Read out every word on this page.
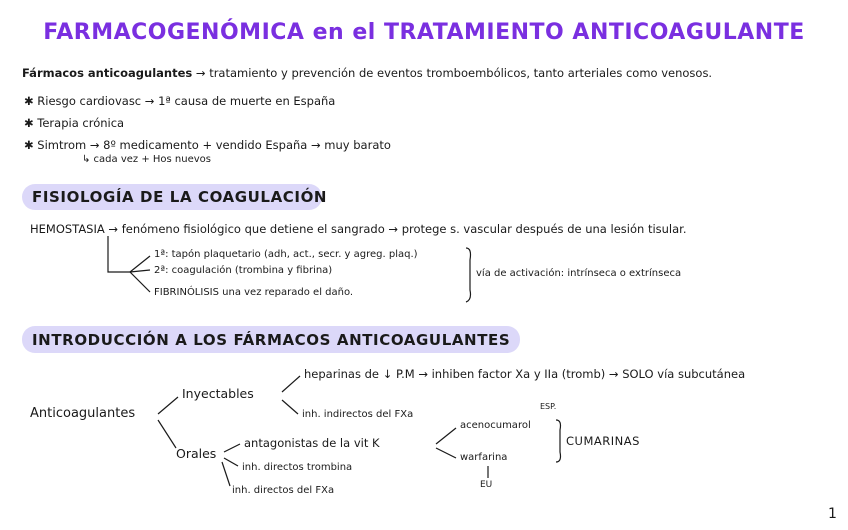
FARMACOGENÓMICA en el TRATAMIENTO ANTICOAGULANTE
Fármacos anticoagulantes → tratamiento y prevención de eventos tromboembólicos, tanto arteriales como venosos.
✱ Riesgo cardiovasc → 1ª causa de muerte en España
✱ Terapia crónica
✱ Simtrom → 8º medicamento + vendido España → muy barato
↳ cada vez + Hos nuevos
FISIOLOGÍA DE LA COAGULACIÓN
HEMOSTASIA → fenómeno fisiológico que detiene el sangrado → protege s. vascular después de una lesión tisular.
1ª: tapón plaquetario (adh, act., secr. y agreg. plaq.)
2ª: coagulación (trombina y fibrina)
FIBRINÓLISIS una vez reparado el daño.
vía de activación: intrínseca o extrínseca
INTRODUCCIÓN A LOS FÁRMACOS ANTICOAGULANTES
Anticoagulantes
Inyectables
heparinas de ↓ P.M → inhiben factor Xa y IIa (tromb) → SOLO vía subcutánea
inh. indirectos del FXa
Orales
antagonistas de la vit K
acenocumarol
ESP.
warfarina
EU
CUMARINAS
inh. directos trombina
inh. directos del FXa
1
